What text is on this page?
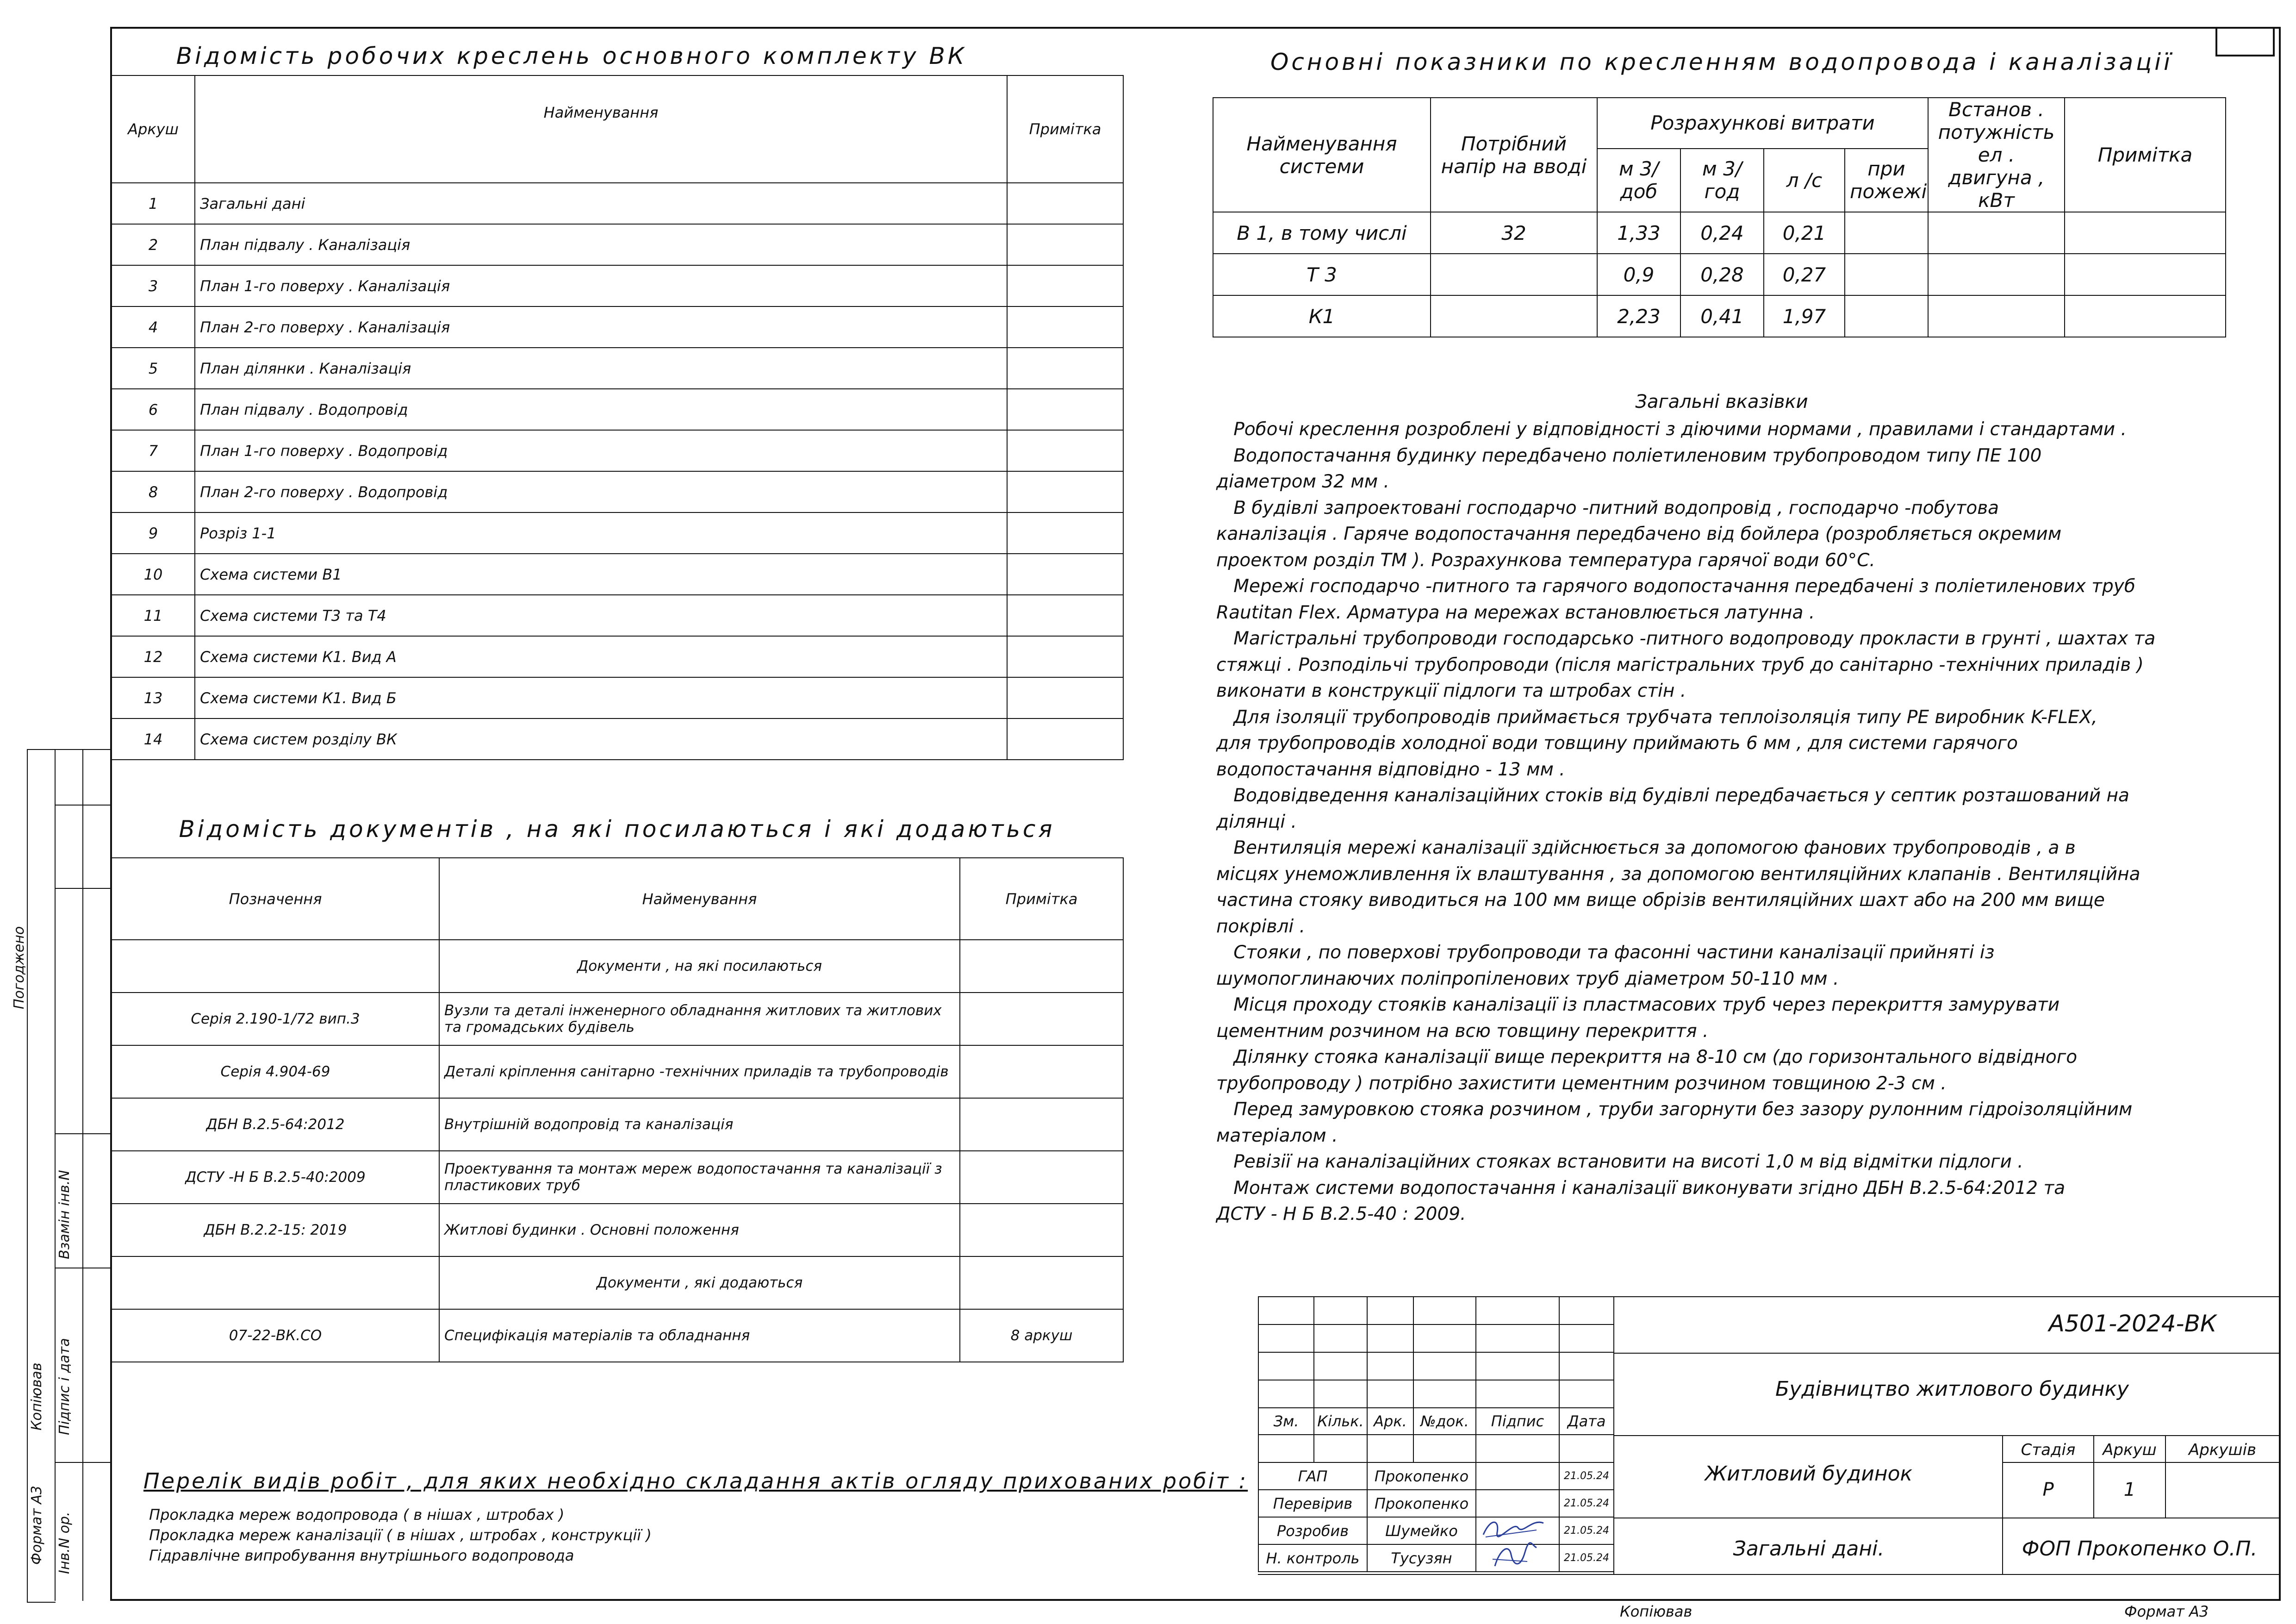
Погоджено
Взамін інв.N
Підпис і дата
Інв.N ор.
Копіював
Формат А3
Відомість робочих креслень основного комплекту ВК
Аркуш	Найменування	Примітка
1	Загальні дані	
2	План підвалу . Каналізація	
3	План 1-го поверху . Каналізація	
4	План 2-го поверху . Каналізація	
5	План ділянки . Каналізація	
6	План підвалу . Водопровід	
7	План 1-го поверху . Водопровід	
8	План 2-го поверху . Водопровід	
9	Розріз 1-1	
10	Схема системи В1	
11	Схема системи Т3 та Т4	
12	Схема системи К1. Вид А	
13	Схема системи К1. Вид Б	
14	Схема систем розділу ВК	
Відомість документів , на які посилаються і які додаються
Позначення	Найменування	Примітка
	Документи , на які посилаються	
Серія 2.190-1/72 вип.3	Вузли та деталі інженерного обладнання житлових та житлових та громадських будівель	
Серія 4.904-69	Деталі кріплення санітарно -технічних приладів та трубопроводів	
ДБН В.2.5-64:2012	Внутрішній водопровід та каналізація	
ДСТУ -Н Б В.2.5-40:2009	Проектування та монтаж мереж водопостачання та каналізації з пластикових труб	
ДБН В.2.2-15: 2019	Житлові будинки . Основні положення	
	Документи , які додаються	
07-22-ВК.СО	Специфікація матеріалів та обладнання	8 аркуш
Перелік видів робіт , для яких необхідно складання актів огляду прихованих робіт :
Прокладка мереж водопровода ( в нішах , штробах )
Прокладка мереж каналізації ( в нішах , штробах , конструкції )
Гідравлічне випробування внутрішнього водопровода
Основні показники по кресленням водопровода і каналізації
Найменування системи	Потрібний напір на вводі	Розрахункові витрати				Встанов . потужність ел . двигуна , кВт	Примітка
		м 3/доб	м 3/год	л /с	при пожежі		
В 1, в тому числі	32	1,33	0,24	0,21			
Т 3		0,9	0,28	0,27			
К1		2,23	0,41	1,97			
Загальні вказівки
Робочі креслення розроблені у відповідності з діючими нормами , правилами і стандартами .
Водопостачання будинку передбачено поліетиленовим трубопроводом типу ПЕ 100
діаметром 32 мм .
В будівлі запроектовані господарчо -питний водопровід , господарчо -побутова
каналізація . Гаряче водопостачання передбачено від бойлера (розробляється окремим
проектом розділ ТМ ). Розрахункова температура гарячої води 60°С.
Мережі господарчо -питного та гарячого водопостачання передбачені з поліетиленових труб
Rautitan Flex. Арматура на мережах встановлюється латунна .
Магістральні трубопроводи господарсько -питного водопроводу прокласти в грунті , шахтах та
стяжці . Розподільчі трубопроводи (після магістральних труб до санітарно -технічних приладів )
виконати в конструкції підлоги та штробах стін .
Для ізоляції трубопроводів приймається трубчата теплоізоляція типу PE виробник K-FLEX,
для трубопроводів холодної води товщину приймають 6 мм , для системи гарячого
водопостачання відповідно - 13 мм .
Водовідведення каналізаційних стоків від будівлі передбачається у септик розташований на
ділянці .
Вентиляція мережі каналізації здійснюється за допомогою фанових трубопроводів , а в
місцях унеможливлення їх влаштування , за допомогою вентиляційних клапанів . Вентиляційна
частина стояку виводиться на 100 мм вище обрізів вентиляційних шахт або на 200 мм вище
покрівлі .
Стояки , по поверхові трубопроводи та фасонні частини каналізації прийняті із
шумопоглинаючих поліпропіленових труб діаметром 50-110 мм .
Місця проходу стояків каналізації із пластмасових труб через перекриття замурувати
цементним розчином на всю товщину перекриття .
Ділянку стояка каналізації вище перекриття на 8-10 см (до горизонтального відвідного
трубопроводу ) потрібно захистити цементним розчином товщиною 2-3 см .
Перед замуровкою стояка розчином , труби загорнути без зазору рулонним гідроізоляційним
матеріалом .
Ревізії на каналізаційних стояках встановити на висоті 1,0 м від відмітки підлоги .
Монтаж системи водопостачання і каналізації виконувати згідно ДБН В.2.5-64:2012 та
ДСТУ - Н Б В.2.5-40 : 2009.

Зм.	Кільк.	Арк.	№док.	Підпис	Дата

ГАП	Прокопенко		21.05.24
Перевірив	Прокопенко		21.05.24
Розробив	Шумейко		21.05.24
Н. контроль	Тусузян		21.05.24
А501-2024-ВК
Будівництво житлового будинку
Житловий будинок
Загальні дані.	ФОП Прокопенко О.П.
Стадія	Аркуш	Аркушів
Р	1
Копіював	Формат А3
